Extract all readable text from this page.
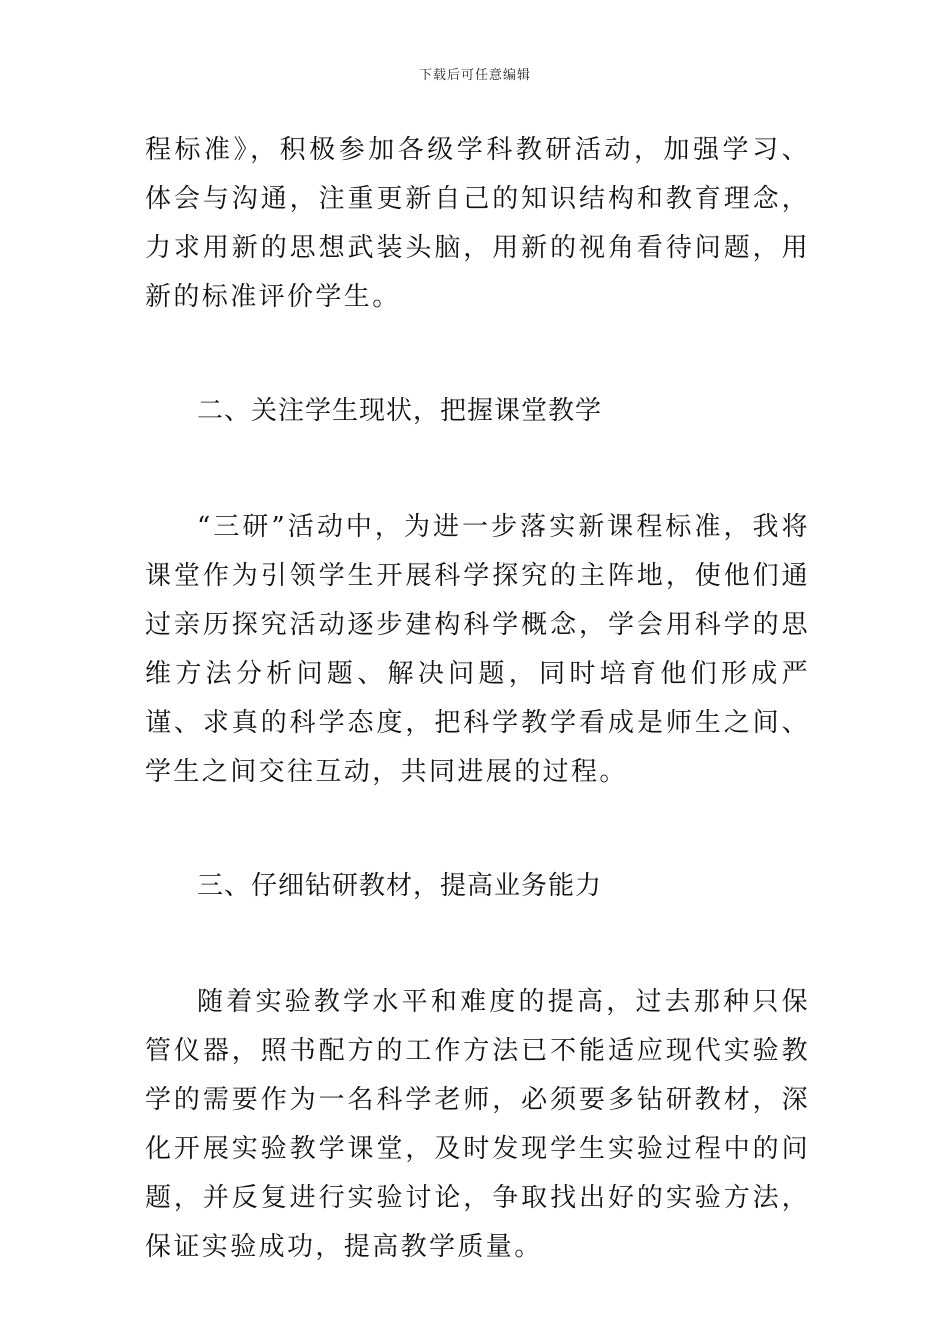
下载后可任意编辑

程标准》，积极参加各级学科教研活动，加强学习、体会与沟通，注重更新自己的知识结构和教育理念，力求用新的思想武装头脑，用新的视角看待问题，用新的标准评价学生。

二、关注学生现状，把握课堂教学

“三研”活动中，为进一步落实新课程标准，我将课堂作为引领学生开展科学探究的主阵地，使他们通过亲历探究活动逐步建构科学概念，学会用科学的思维方法分析问题、解决问题，同时培育他们形成严谨、求真的科学态度，把科学教学看成是师生之间、学生之间交往互动，共同进展的过程。

三、仔细钻研教材，提高业务能力

随着实验教学水平和难度的提高，过去那种只保管仪器，照书配方的工作方法已不能适应现代实验教学的需要作为一名科学老师，必须要多钻研教材，深化开展实验教学课堂，及时发现学生实验过程中的问题，并反复进行实验讨论，争取找出好的实验方法，保证实验成功，提高教学质量。
